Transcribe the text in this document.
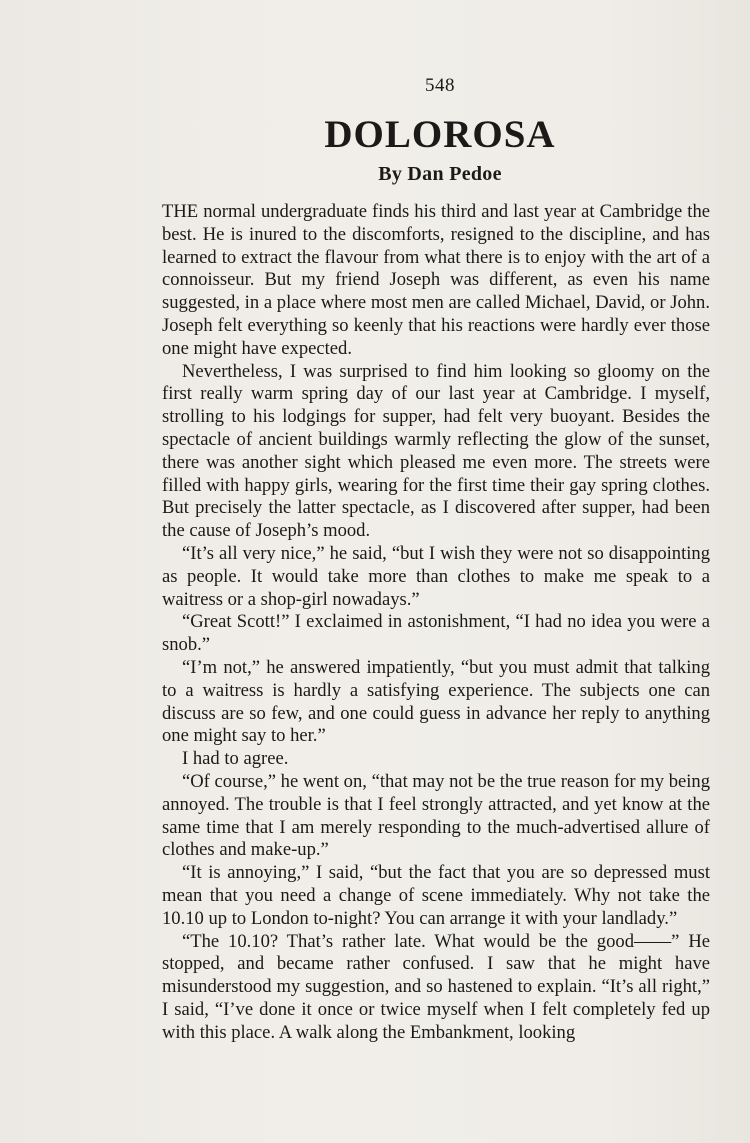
548
DOLOROSA
By Dan Pedoe

THE normal undergraduate finds his third and last year at Cambridge the best. He is inured to the discomforts, resigned to the discipline, and has learned to extract the flavour from what there is to enjoy with the art of a connoisseur. But my friend Joseph was different, as even his name suggested, in a place where most men are called Michael, David, or John. Joseph felt everything so keenly that his reactions were hardly ever those one might have expected.

Nevertheless, I was surprised to find him looking so gloomy on the first really warm spring day of our last year at Cambridge. I myself, strolling to his lodgings for supper, had felt very buoyant. Besides the spectacle of ancient buildings warmly reflecting the glow of the sunset, there was another sight which pleased me even more. The streets were filled with happy girls, wearing for the first time their gay spring clothes. But precisely the latter spectacle, as I discovered after supper, had been the cause of Joseph’s mood.

“It’s all very nice,” he said, “but I wish they were not so disappointing as people. It would take more than clothes to make me speak to a waitress or a shop-girl nowadays.”

“Great Scott!” I exclaimed in astonishment, “I had no idea you were a snob.”

“I’m not,” he answered impatiently, “but you must admit that talking to a waitress is hardly a satisfying experience. The subjects one can discuss are so few, and one could guess in advance her reply to anything one might say to her.”

I had to agree.

“Of course,” he went on, “that may not be the true reason for my being annoyed. The trouble is that I feel strongly attracted, and yet know at the same time that I am merely responding to the much-advertised allure of clothes and make-up.”

“It is annoying,” I said, “but the fact that you are so depressed must mean that you need a change of scene immediately. Why not take the 10.10 up to London to-night? You can arrange it with your landlady.”

“The 10.10? That’s rather late. What would be the good——” He stopped, and became rather confused. I saw that he might have misunderstood my suggestion, and so hastened to explain. “It’s all right,” I said, “I’ve done it once or twice myself when I felt completely fed up with this place. A walk along the Embankment, looking
